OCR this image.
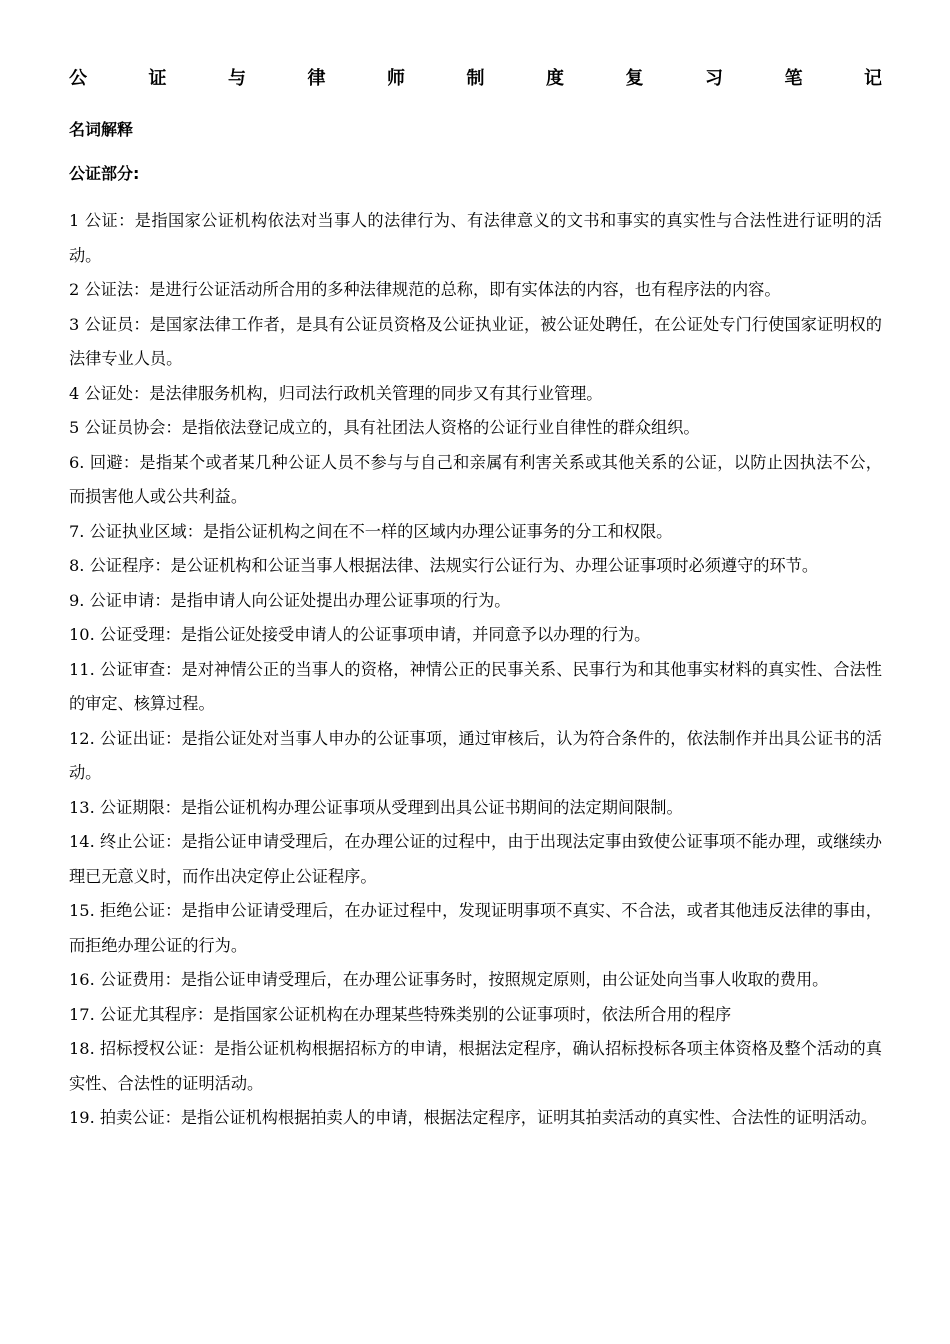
公	证	与	律	师	制	度	复	习	笔	记
名词解释
公证部分:

1 公证：是指国家公证机构依法对当事人的法律行为、有法律意义的文书和事实的真实性与合法性进行证明的活动。

2 公证法：是进行公证活动所合用的多种法律规范的总称，即有实体法的内容，也有程序法的内容。

3 公证员：是国家法律工作者，是具有公证员资格及公证执业证，被公证处聘任，在公证处专门行使国家证明权的法律专业人员。

4 公证处：是法律服务机构，归司法行政机关管理的同步又有其行业管理。

5 公证员协会：是指依法登记成立的，具有社团法人资格的公证行业自律性的群众组织。

6. 回避：是指某个或者某几种公证人员不参与与自己和亲属有利害关系或其他关系的公证，以防止因执法不公，而损害他人或公共利益。

7. 公证执业区域：是指公证机构之间在不一样的区域内办理公证事务的分工和权限。

8. 公证程序：是公证机构和公证当事人根据法律、法规实行公证行为、办理公证事项时必须遵守的环节。

9. 公证申请：是指申请人向公证处提出办理公证事项的行为。

10. 公证受理：是指公证处接受申请人的公证事项申请，并同意予以办理的行为。

11. 公证审查：是对神情公正的当事人的资格，神情公正的民事关系、民事行为和其他事实材料的真实性、合法性的审定、核算过程。

12. 公证出证：是指公证处对当事人申办的公证事项，通过审核后，认为符合条件的，依法制作并出具公证书的活动。

13. 公证期限：是指公证机构办理公证事项从受理到出具公证书期间的法定期间限制。

14. 终止公证：是指公证申请受理后，在办理公证的过程中，由于出现法定事由致使公证事项不能办理，或继续办理已无意义时，而作出决定停止公证程序。

15. 拒绝公证：是指申公证请受理后，在办证过程中，发现证明事项不真实、不合法，或者其他违反法律的事由，而拒绝办理公证的行为。

16. 公证费用：是指公证申请受理后，在办理公证事务时，按照规定原则，由公证处向当事人收取的费用。

17. 公证尤其程序：是指国家公证机构在办理某些特殊类别的公证事项时，依法所合用的程序

18. 招标授权公证：是指公证机构根据招标方的申请，根据法定程序，确认招标投标各项主体资格及整个活动的真实性、合法性的证明活动。

19. 拍卖公证：是指公证机构根据拍卖人的申请，根据法定程序，证明其拍卖活动的真实性、合法性的证明活动。
